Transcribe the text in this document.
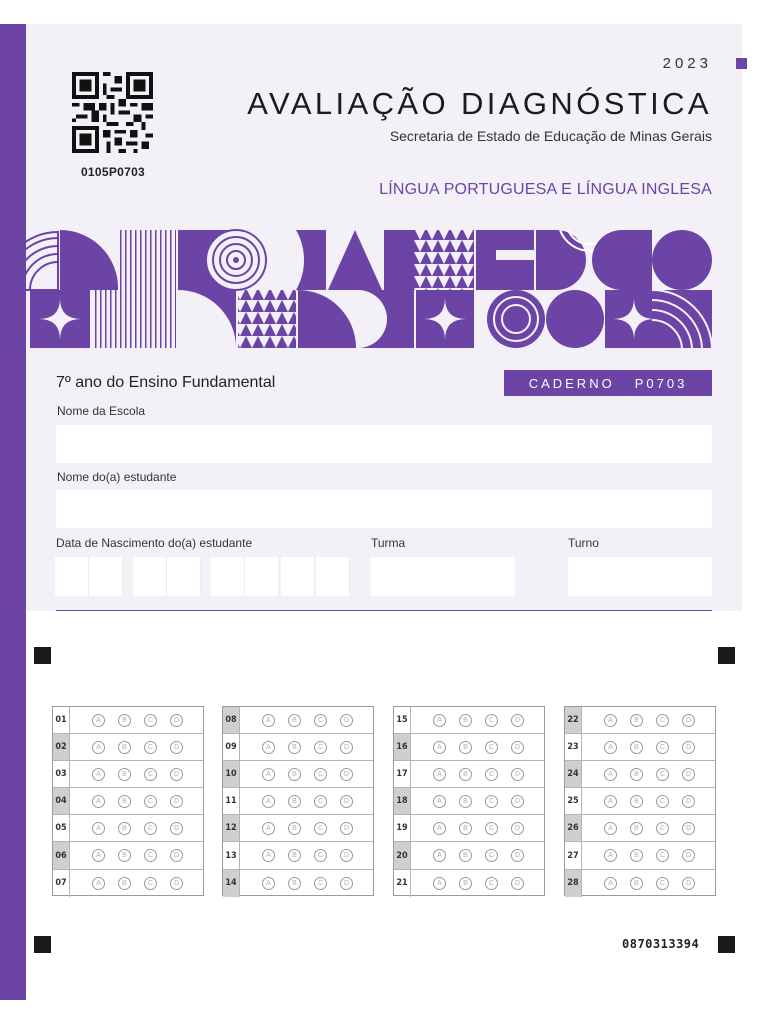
0105P0703
2023
AVALIAÇÃO DIAGNÓSTICA
Secretaria de Estado de Educação de Minas Gerais
LÍNGUA PORTUGUESA E LÍNGUA INGLESA
7º ano do Ensino Fundamental	CADERNO P0703
Nome da Escola
Nome do(a) estudante
Data de Nascimento do(a) estudante	Turma	Turno
01	A	B	C	D
02	A	B	C	D
03	A	B	C	D
04	A	B	C	D
05	A	B	C	D
06	A	B	C	D
07	A	B	C	D
08	A	B	C	D
09	A	B	C	D
10	A	B	C	D
11	A	B	C	D
12	A	B	C	D
13	A	B	C	D
14	A	B	C	D
15	A	B	C	D
16	A	B	C	D
17	A	B	C	D
18	A	B	C	D
19	A	B	C	D
20	A	B	C	D
21	A	B	C	D
22	A	B	C	D
23	A	B	C	D
24	A	B	C	D
25	A	B	C	D
26	A	B	C	D
27	A	B	C	D
28	A	B	C	D
0870313394
